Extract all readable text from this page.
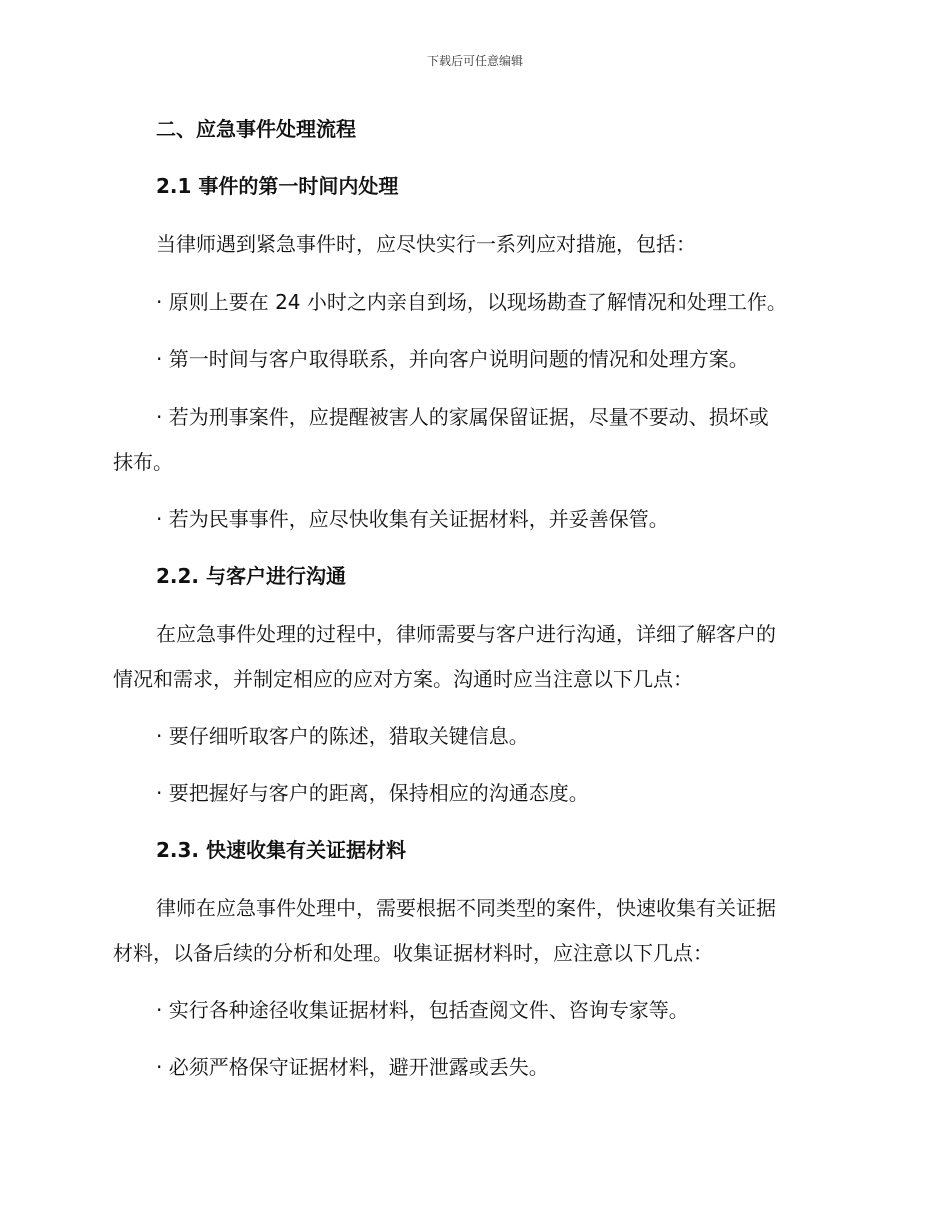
下载后可任意编辑
二、应急事件处理流程
2.1 事件的第一时间内处理
当律师遇到紧急事件时，应尽快实行一系列应对措施，包括：
· 原则上要在 24 小时之内亲自到场，以现场勘查了解情况和处理工作。
· 第一时间与客户取得联系，并向客户说明问题的情况和处理方案。
· 若为刑事案件，应提醒被害人的家属保留证据，尽量不要动、损坏或
抹布。
· 若为民事事件，应尽快收集有关证据材料，并妥善保管。
2.2. 与客户进行沟通
在应急事件处理的过程中，律师需要与客户进行沟通，详细了解客户的
情况和需求，并制定相应的应对方案。沟通时应当注意以下几点：
· 要仔细听取客户的陈述，猎取关键信息。
· 要把握好与客户的距离，保持相应的沟通态度。
2.3. 快速收集有关证据材料
律师在应急事件处理中，需要根据不同类型的案件，快速收集有关证据
材料，以备后续的分析和处理。收集证据材料时，应注意以下几点：
· 实行各种途径收集证据材料，包括查阅文件、咨询专家等。
· 必须严格保守证据材料，避开泄露或丢失。
